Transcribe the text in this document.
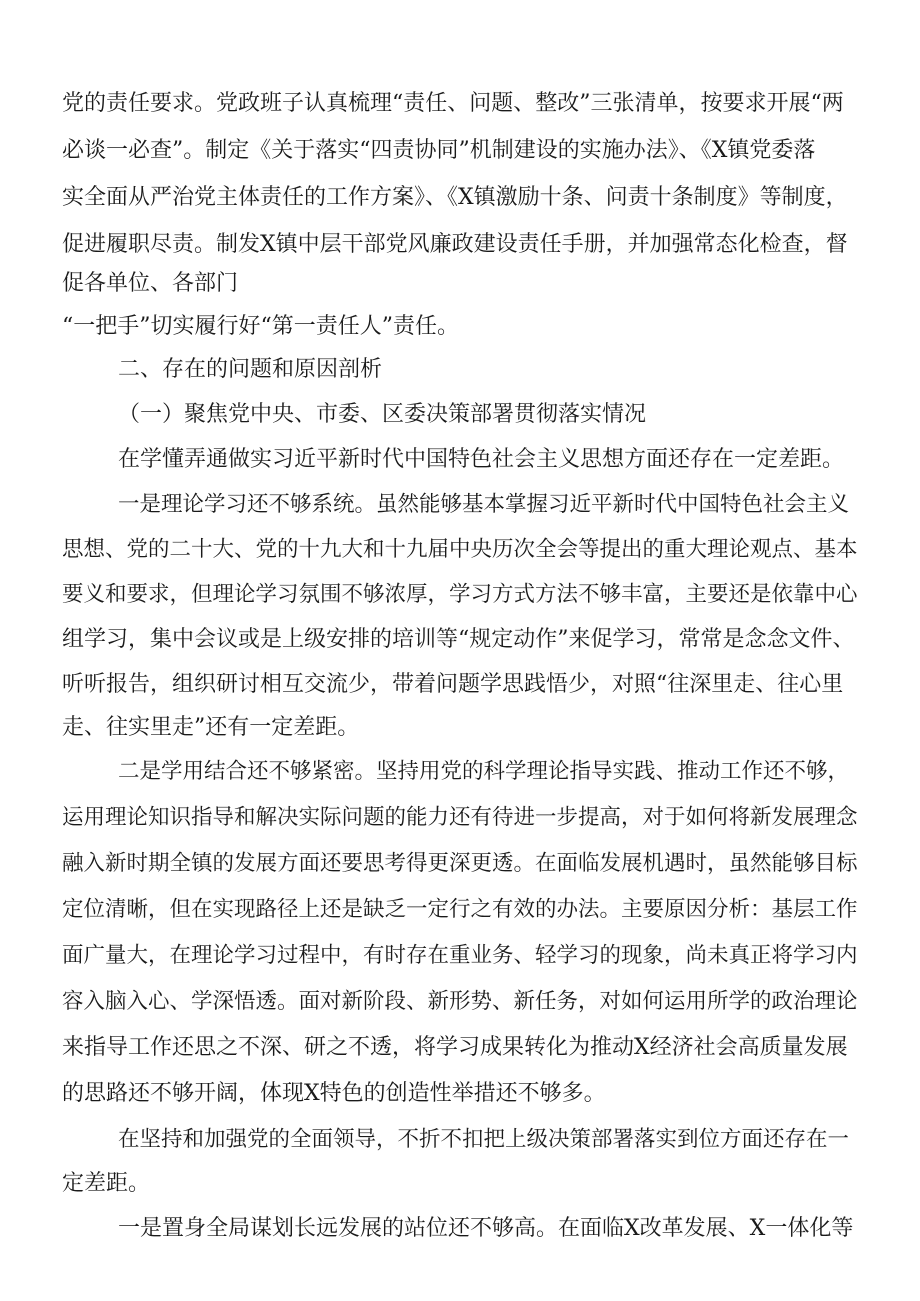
党的责任要求。党政班子认真梳理“责任、问题、整改”三张清单，按要求开展“两
必谈一必查”。制定《关于落实“四责协同”机制建设的实施办法》、《X镇党委落
实全面从严治党主体责任的工作方案》、《X镇激励十条、问责十条制度》等制度，
促进履职尽责。制发X镇中层干部党风廉政建设责任手册，并加强常态化检查，督
促各单位、各部门
“一把手”切实履行好“第一责任人”责任。
二、存在的问题和原因剖析
（一）聚焦党中央、市委、区委决策部署贯彻落实情况
在学懂弄通做实习近平新时代中国特色社会主义思想方面还存在一定差距。
一是理论学习还不够系统。虽然能够基本掌握习近平新时代中国特色社会主义
思想、党的二十大、党的十九大和十九届中央历次全会等提出的重大理论观点、基本
要义和要求，但理论学习氛围不够浓厚，学习方式方法不够丰富，主要还是依靠中心
组学习，集中会议或是上级安排的培训等“规定动作”来促学习，常常是念念文件、
听听报告，组织研讨相互交流少，带着问题学思践悟少，对照“往深里走、往心里
走、往实里走”还有一定差距。
二是学用结合还不够紧密。坚持用党的科学理论指导实践、推动工作还不够，
运用理论知识指导和解决实际问题的能力还有待进一步提高，对于如何将新发展理念
融入新时期全镇的发展方面还要思考得更深更透。在面临发展机遇时，虽然能够目标
定位清晰，但在实现路径上还是缺乏一定行之有效的办法。主要原因分析：基层工作
面广量大，在理论学习过程中，有时存在重业务、轻学习的现象，尚未真正将学习内
容入脑入心、学深悟透。面对新阶段、新形势、新任务，对如何运用所学的政治理论
来指导工作还思之不深、研之不透，将学习成果转化为推动X经济社会高质量发展
的思路还不够开阔，体现X特色的创造性举措还不够多。
在坚持和加强党的全面领导，不折不扣把上级决策部署落实到位方面还存在一
定差距。
一是置身全局谋划长远发展的站位还不够高。在面临X改革发展、X一体化等
